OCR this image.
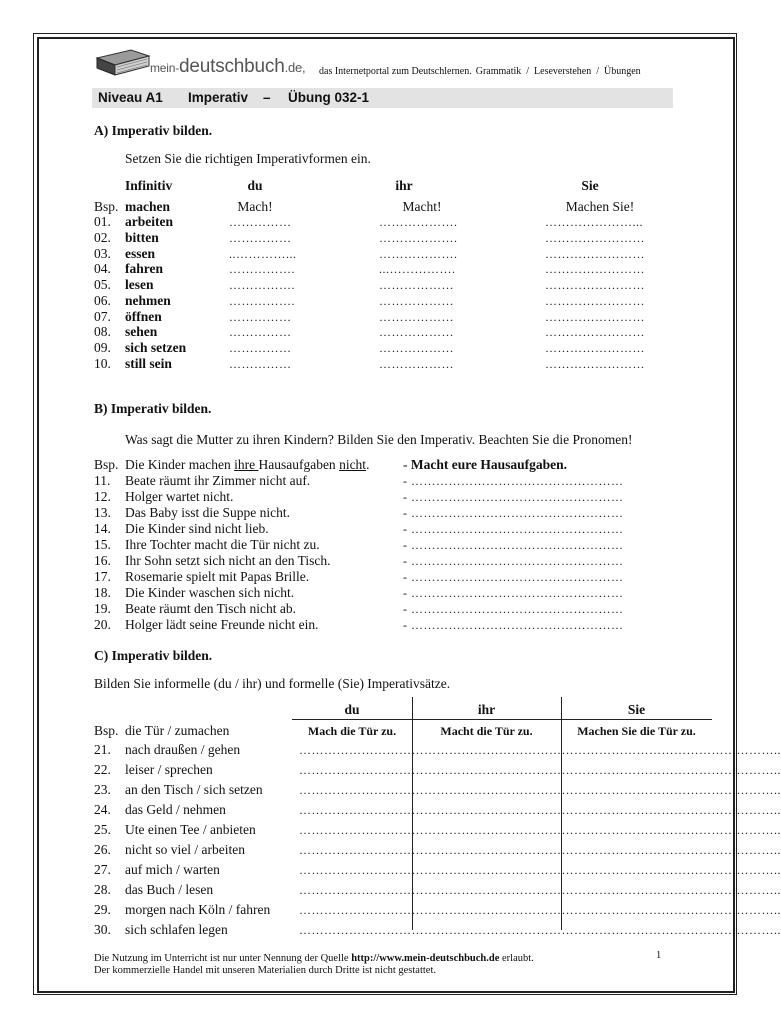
mein-deutschbuch.de, das Internetportal zum Deutschlernen. Grammatik  /  Leseverstehen  /  Übungen
Niveau A1 Imperativ – Übung 032-1
A) Imperativ bilden.
Setzen Sie die richtigen Imperativformen ein.
Infinitiv	du	ihr	Sie
Bsp. machen	Mach!	Macht!	Machen Sie!
01. arbeiten	……………	……………….	…………………...
02. bitten	……………	……………….	……………………
03. essen	..…………...	……………….	……………………
04. fahren	…………….	...…………….	……………………
05. lesen	…………….	………………	……………………
06. nehmen	…………….	………………	……………………
07. öffnen	……………	………………	……………………
08. sehen	……………	………………	……………………
09. sich setzen	……………	………………	……………………
10. still sein	……………	………………	……………………
B) Imperativ bilden.
Was sagt die Mutter zu ihren Kindern? Bilden Sie den Imperativ. Beachten Sie die Pronomen!
Bsp. Die Kinder machen ihre Hausaufgaben nicht. - Macht eure Hausaufgaben.
11. Beate räumt ihr Zimmer nicht auf.	- ……………………………………………
12. Holger wartet nicht.	- ……………………………………………
13. Das Baby isst die Suppe nicht.	- ……………………………………………
14. Die Kinder sind nicht lieb.	- ……………………………………………
15. Ihre Tochter macht die Tür nicht zu.	- ……………………………………………
16. Ihr Sohn setzt sich nicht an den Tisch.	- ……………………………………………
17. Rosemarie spielt mit Papas Brille.	- ……………………………………………
18. Die Kinder waschen sich nicht.	- ……………………………………………
19. Beate räumt den Tisch nicht ab.	- ……………………………………………
20. Holger lädt seine Freunde nicht ein.	- ……………………………………………
C) Imperativ bilden.
Bilden Sie informelle (du / ihr) und formelle (Sie) Imperativsätze.
du	ihr	Sie
Bsp. die Tür / zumachen	Mach die Tür zu.	Macht die Tür zu.	Machen Sie die Tür zu.
21. nach draußen / gehen	……………………………………………………………………………………………………..
22. leiser / sprechen	……………………………………………………………………………………………………..
23. an den Tisch / sich setzen	……………………………………………………………………………………………………..
24. das Geld / nehmen	……………………………………………………………………………………………………..
25. Ute einen Tee / anbieten	……………………………………………………………………………………………………..
26. nicht so viel / arbeiten	……………………………………………………………………………………………………..
27. auf mich / warten	……………………………………………………………………………………………………..
28. das Buch / lesen	……………………………………………………………………………………………………..
29. morgen nach Köln / fahren ……………………………………………………………………………………………………..
30. sich schlafen legen	……………………………………………………………………………………………………..
Die Nutzung im Unterricht ist nur unter Nennung der Quelle http://www.mein-deutschbuch.de erlaubt.
Der kommerzielle Handel mit unseren Materialien durch Dritte ist nicht gestattet.
1
